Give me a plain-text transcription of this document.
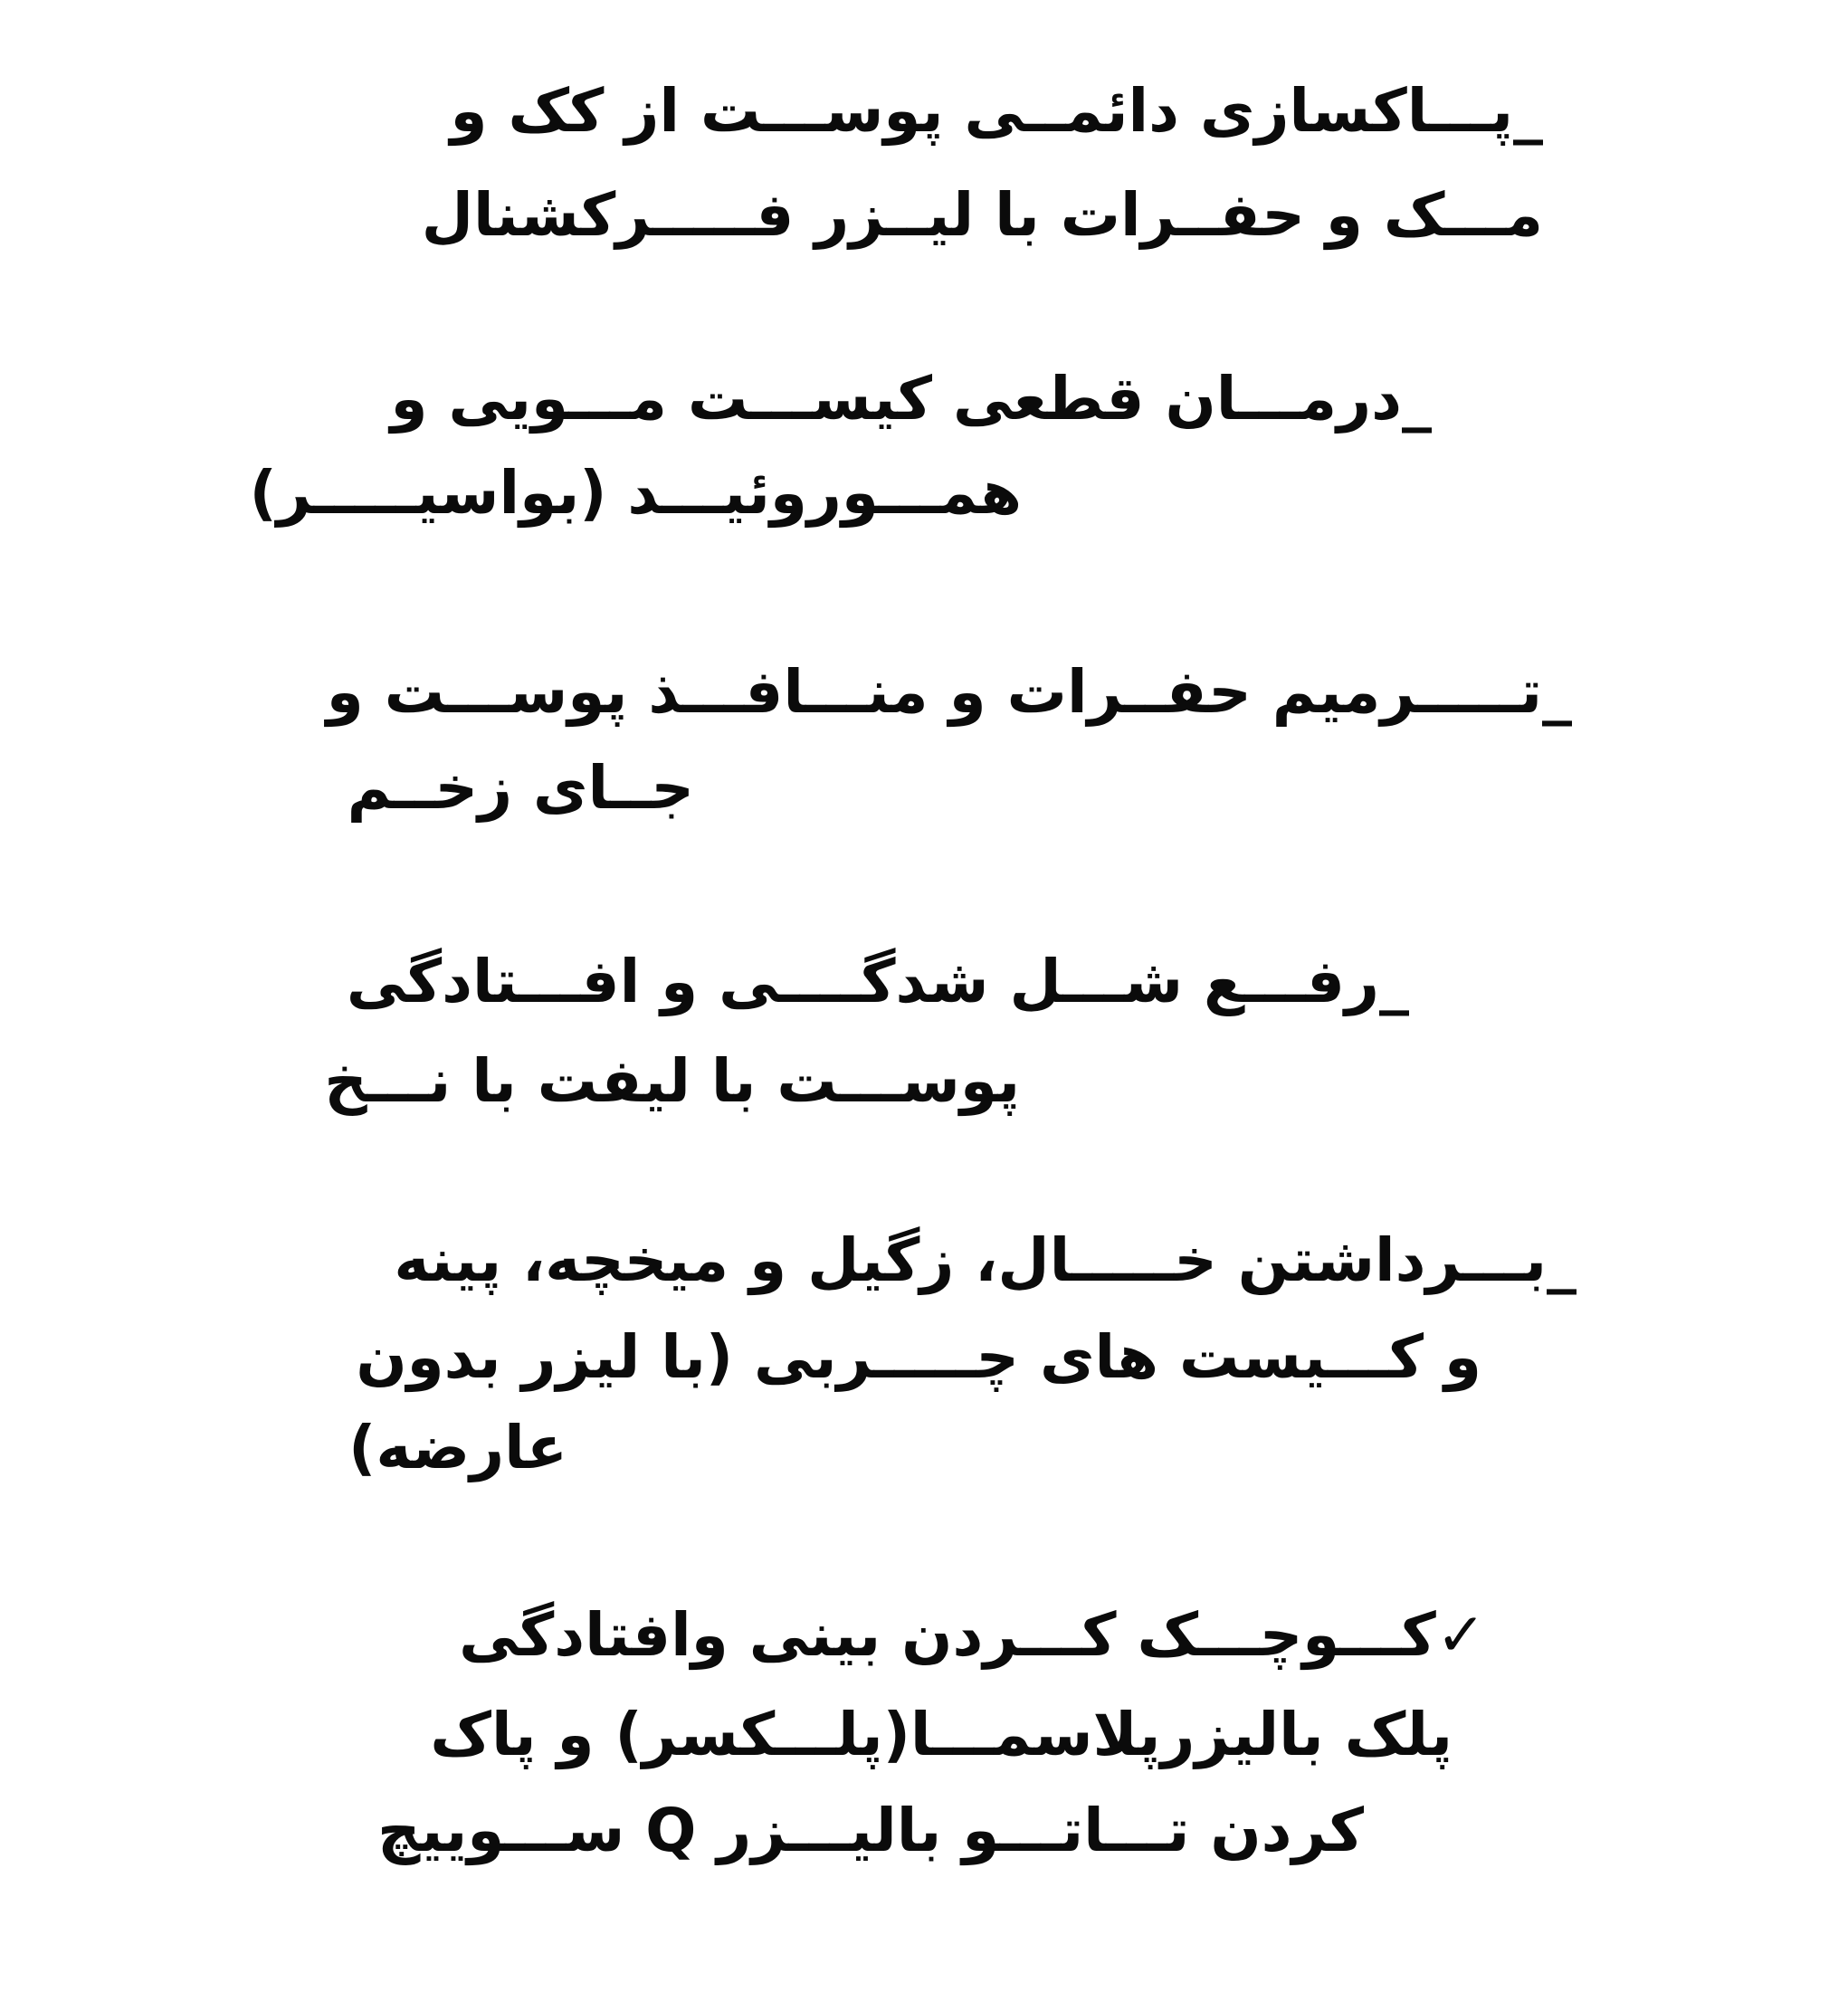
_پـــاکسازی دائمــی پوســـت از کک و
مـــک و حفــرات با لیــزر فـــــرکشنال
_درمـــان قطعی کیســـت مـــویی و
همـــوروئیـــد (بواسیـــــر)
_تـــــرمیم حفــرات و منـــافـــذ پوســـت و
جــای زخــم
_رفـــع شـــل شدگــــی و افـــتادگی
پوســـت با لیفت با نـــخ
_بـــرداشتن خـــــال، زگیل و میخچه، پینه
و کـــیست های چـــــربی (با لیزر بدون
عارضه)
✓کـــوچـــک کـــردن بینی وافتادگی
پلک بالیزرپلاسمـــا(پلـــکسر) و پاک
کردن تـــاتـــو بالیـــزر Q ســـوییچ
